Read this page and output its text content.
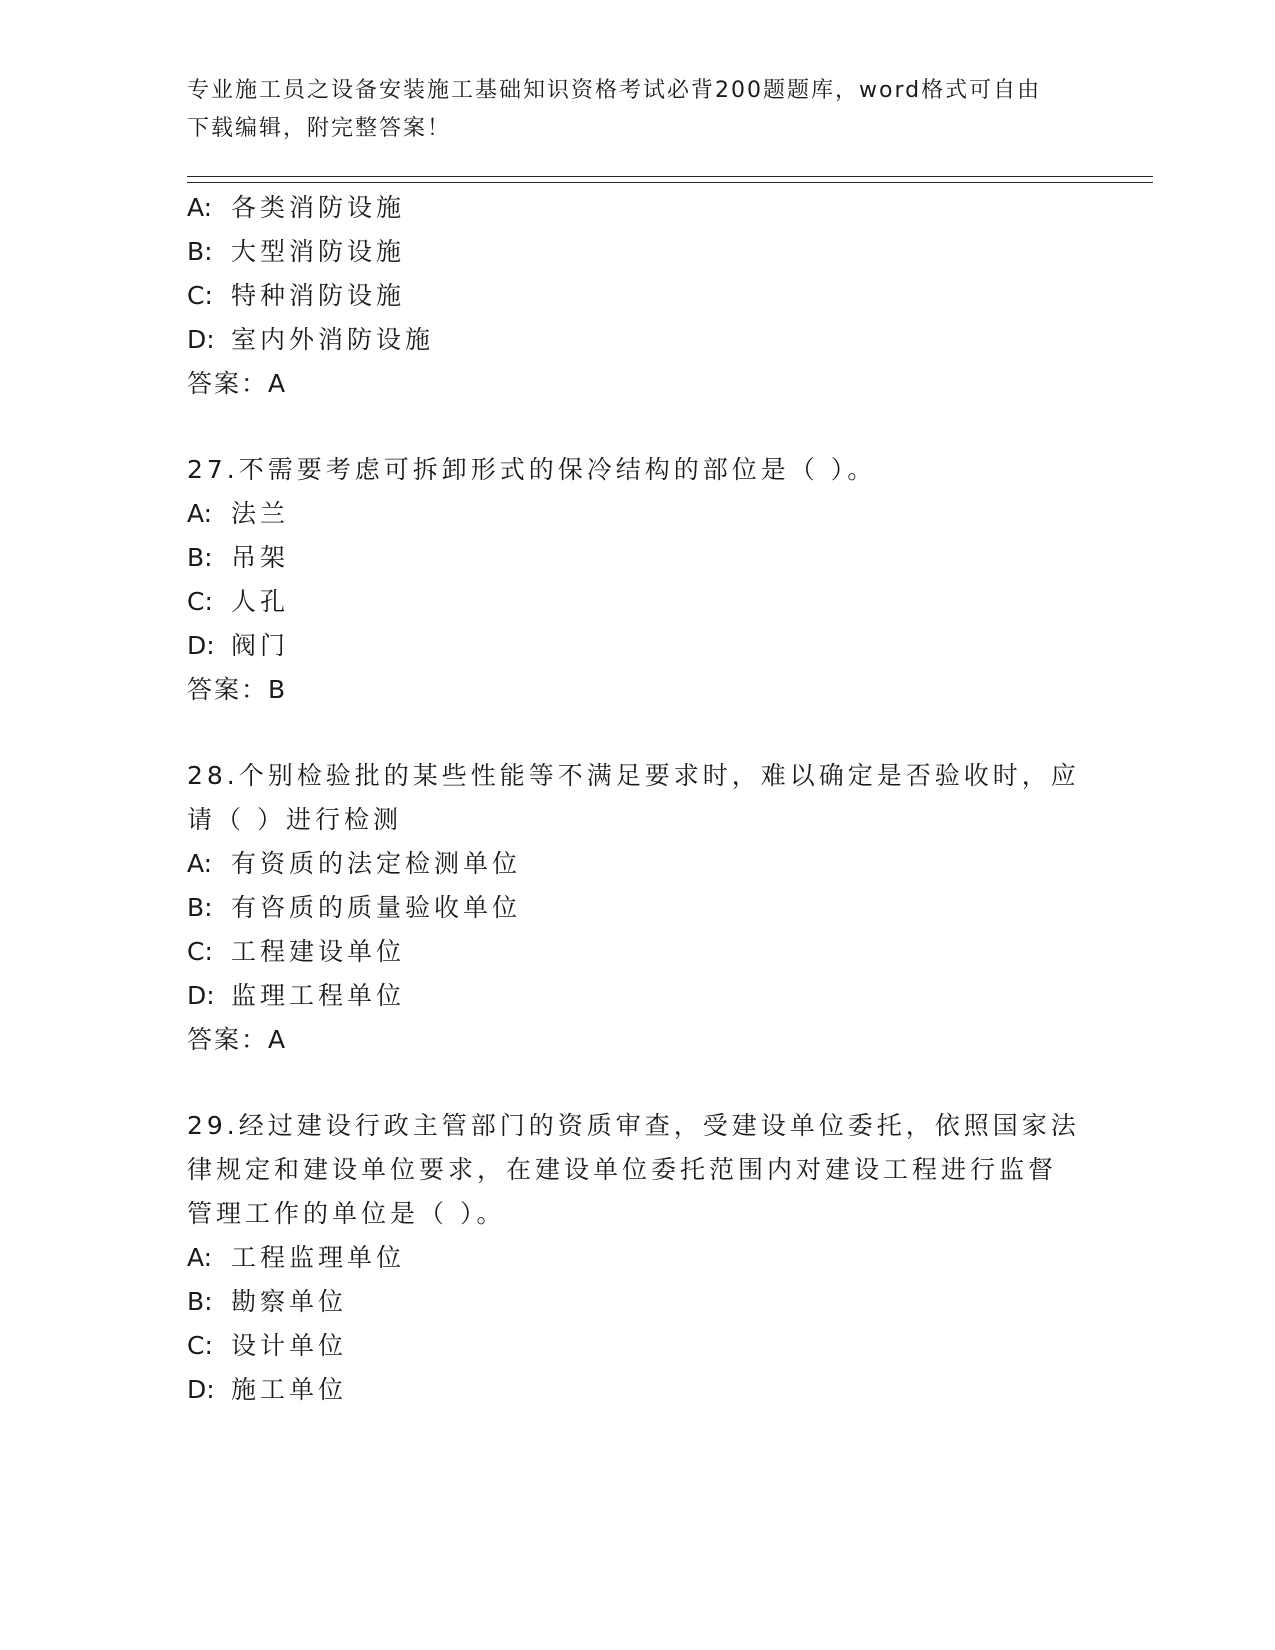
专业施工员之设备安装施工基础知识资格考试必背200题题库，word格式可自由
下载编辑，附完整答案！
A: 各类消防设施
B: 大型消防设施
C: 特种消防设施
D: 室内外消防设施
答案：A
27.不需要考虑可拆卸形式的保冷结构的部位是（ ）。
A: 法兰
B: 吊架
C: 人孔
D: 阀门
答案：B
28.个别检验批的某些性能等不满足要求时，难以确定是否验收时，应
请（ ）进行检测
A: 有资质的法定检测单位
B: 有咨质的质量验收单位
C: 工程建设单位
D: 监理工程单位
答案：A
29.经过建设行政主管部门的资质审查，受建设单位委托，依照国家法
律规定和建设单位要求，在建设单位委托范围内对建设工程进行监督
管理工作的单位是（ ）。
A: 工程监理单位
B: 勘察单位
C: 设计单位
D: 施工单位
